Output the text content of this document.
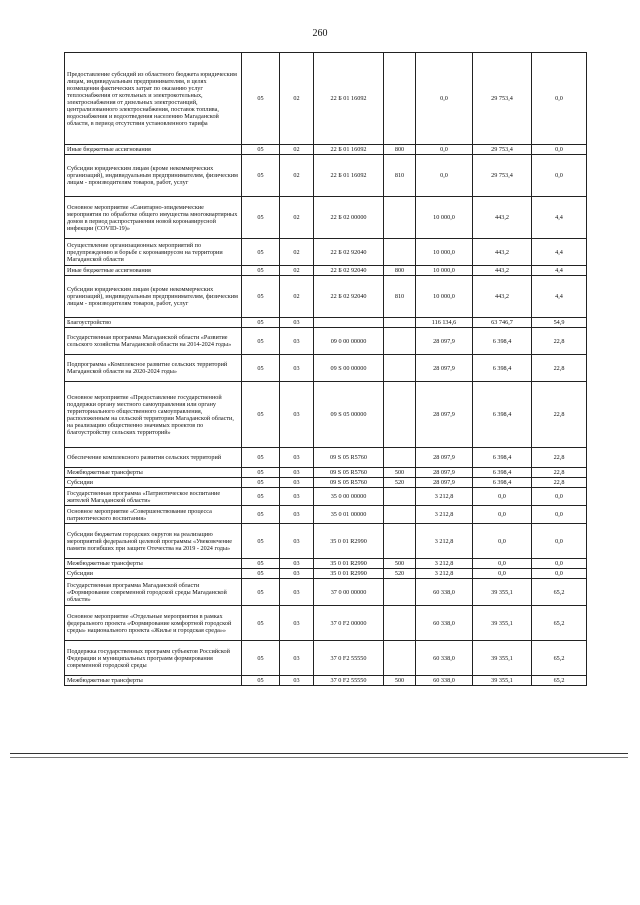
260
Предоставление субсидий из областного бюджета юридическим лицам, индивидуальным предпринимателям, в целях возмещения фактических затрат по оказанию услуг теплоснабжения от котельных и электрокотельных, электроснабжения от дизельных электростанций, централизованного электроснабжения, поставок топлива, водоснабжения и водоотведения населению Магаданской области, в период отсутствия установленного тарифа	05	02	22 Б 01 16092		0,0	29 753,4	0,0
Иные бюджетные ассигнования	05	02	22 Б 01 16092	800	0,0	29 753,4	0,0
Субсидии юридическим лицам (кроме некоммерческих организаций), индивидуальным предпринимателям, физическим лицам - производителям товаров, работ, услуг	05	02	22 Б 01 16092	810	0,0	29 753,4	0,0
Основное мероприятие «Санитарно-эпидемические мероприятия по обработке общего имущества многоквартирных домов в период распространения новой коронавирусной инфекции (COVID-19)»	05	02	22 Б 02 00000		10 000,0	443,2	4,4
Осуществление организационных мероприятий по предупреждению и борьбе с коронавирусом на территории Магаданской области	05	02	22 Б 02 92040		10 000,0	443,2	4,4
Иные бюджетные ассигнования	05	02	22 Б 02 92040	800	10 000,0	443,2	4,4
Субсидии юридическим лицам (кроме некоммерческих организаций), индивидуальным предпринимателям, физическим лицам - производителям товаров, работ, услуг	05	02	22 Б 02 92040	810	10 000,0	443,2	4,4
Благоустройство	05	03			116 134,6	63 746,7	54,9
Государственная программа Магаданской области «Развитие сельского хозяйства Магаданской области на 2014-2024 годы»	05	03	09 0 00 00000		28 097,9	6 398,4	22,8
Подпрограмма «Комплексное развитие сельских территорий Магаданской области на 2020-2024 годы»	05	03	09 S 00 00000		28 097,9	6 398,4	22,8
Основное мероприятие «Предоставление государственной поддержки органу местного самоуправления или органу территориального общественного самоуправления, расположенным на сельской территории Магаданской области, на реализацию общественно значимых проектов по благоустройству сельских территорий»	05	03	09 S 05 00000		28 097,9	6 398,4	22,8
Обеспечение комплексного развития сельских территорий	05	03	09 S 05 R5760		28 097,9	6 398,4	22,8
Межбюджетные трансферты	05	03	09 S 05 R5760	500	28 097,9	6 398,4	22,8
Субсидии	05	03	09 S 05 R5760	520	28 097,9	6 398,4	22,8
Государственная программа «Патриотическое воспитание жителей Магаданской области»	05	03	35 0 00 00000		3 212,8	0,0	0,0
Основное мероприятие «Совершенствование процесса патриотического воспитания»	05	03	35 0 01 00000		3 212,8	0,0	0,0
Субсидии бюджетам городских округов на реализацию мероприятий федеральной целевой программы «Увековечение памяти погибших при защите Отечества на 2019 - 2024 годы»	05	03	35 0 01 R2990		3 212,8	0,0	0,0
Межбюджетные трансферты	05	03	35 0 01 R2990	500	3 212,8	0,0	0,0
Субсидии	05	03	35 0 01 R2990	520	3 212,8	0,0	0,0
Государственная программа Магаданской области «Формирование современной городской среды Магаданской области»	05	03	37 0 00 00000		60 338,0	39 355,1	65,2
Основное мероприятие «Отдельные мероприятия в рамках федерального проекта «Формирование комфортной городской среды» национального проекта «Жилье и городская среда»»	05	03	37 0 F2 00000		60 338,0	39 355,1	65,2
Поддержка государственных программ субъектов Российской Федерации и муниципальных программ формирования современной городской среды	05	03	37 0 F2 55550		60 338,0	39 355,1	65,2
Межбюджетные трансферты	05	03	37 0 F2 55550	500	60 338,0	39 355,1	65,2
